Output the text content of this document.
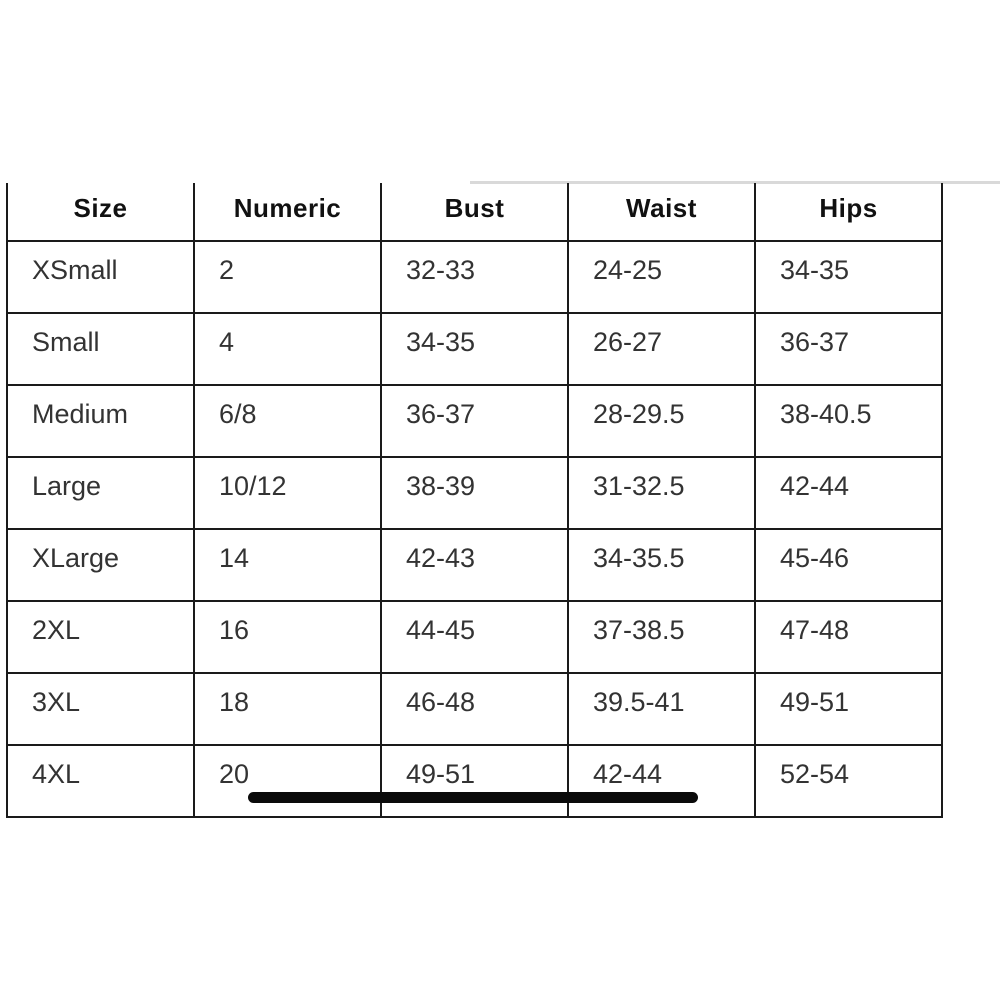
Size	Numeric	Bust	Waist	Hips
XSmall	2	32-33	24-25	34-35
Small	4	34-35	26-27	36-37
Medium	6/8	36-37	28-29.5	38-40.5
Large	10/12	38-39	31-32.5	42-44
XLarge	14	42-43	34-35.5	45-46
2XL	16	44-45	37-38.5	47-48
3XL	18	46-48	39.5-41	49-51
4XL	20	49-51	42-44	52-54
